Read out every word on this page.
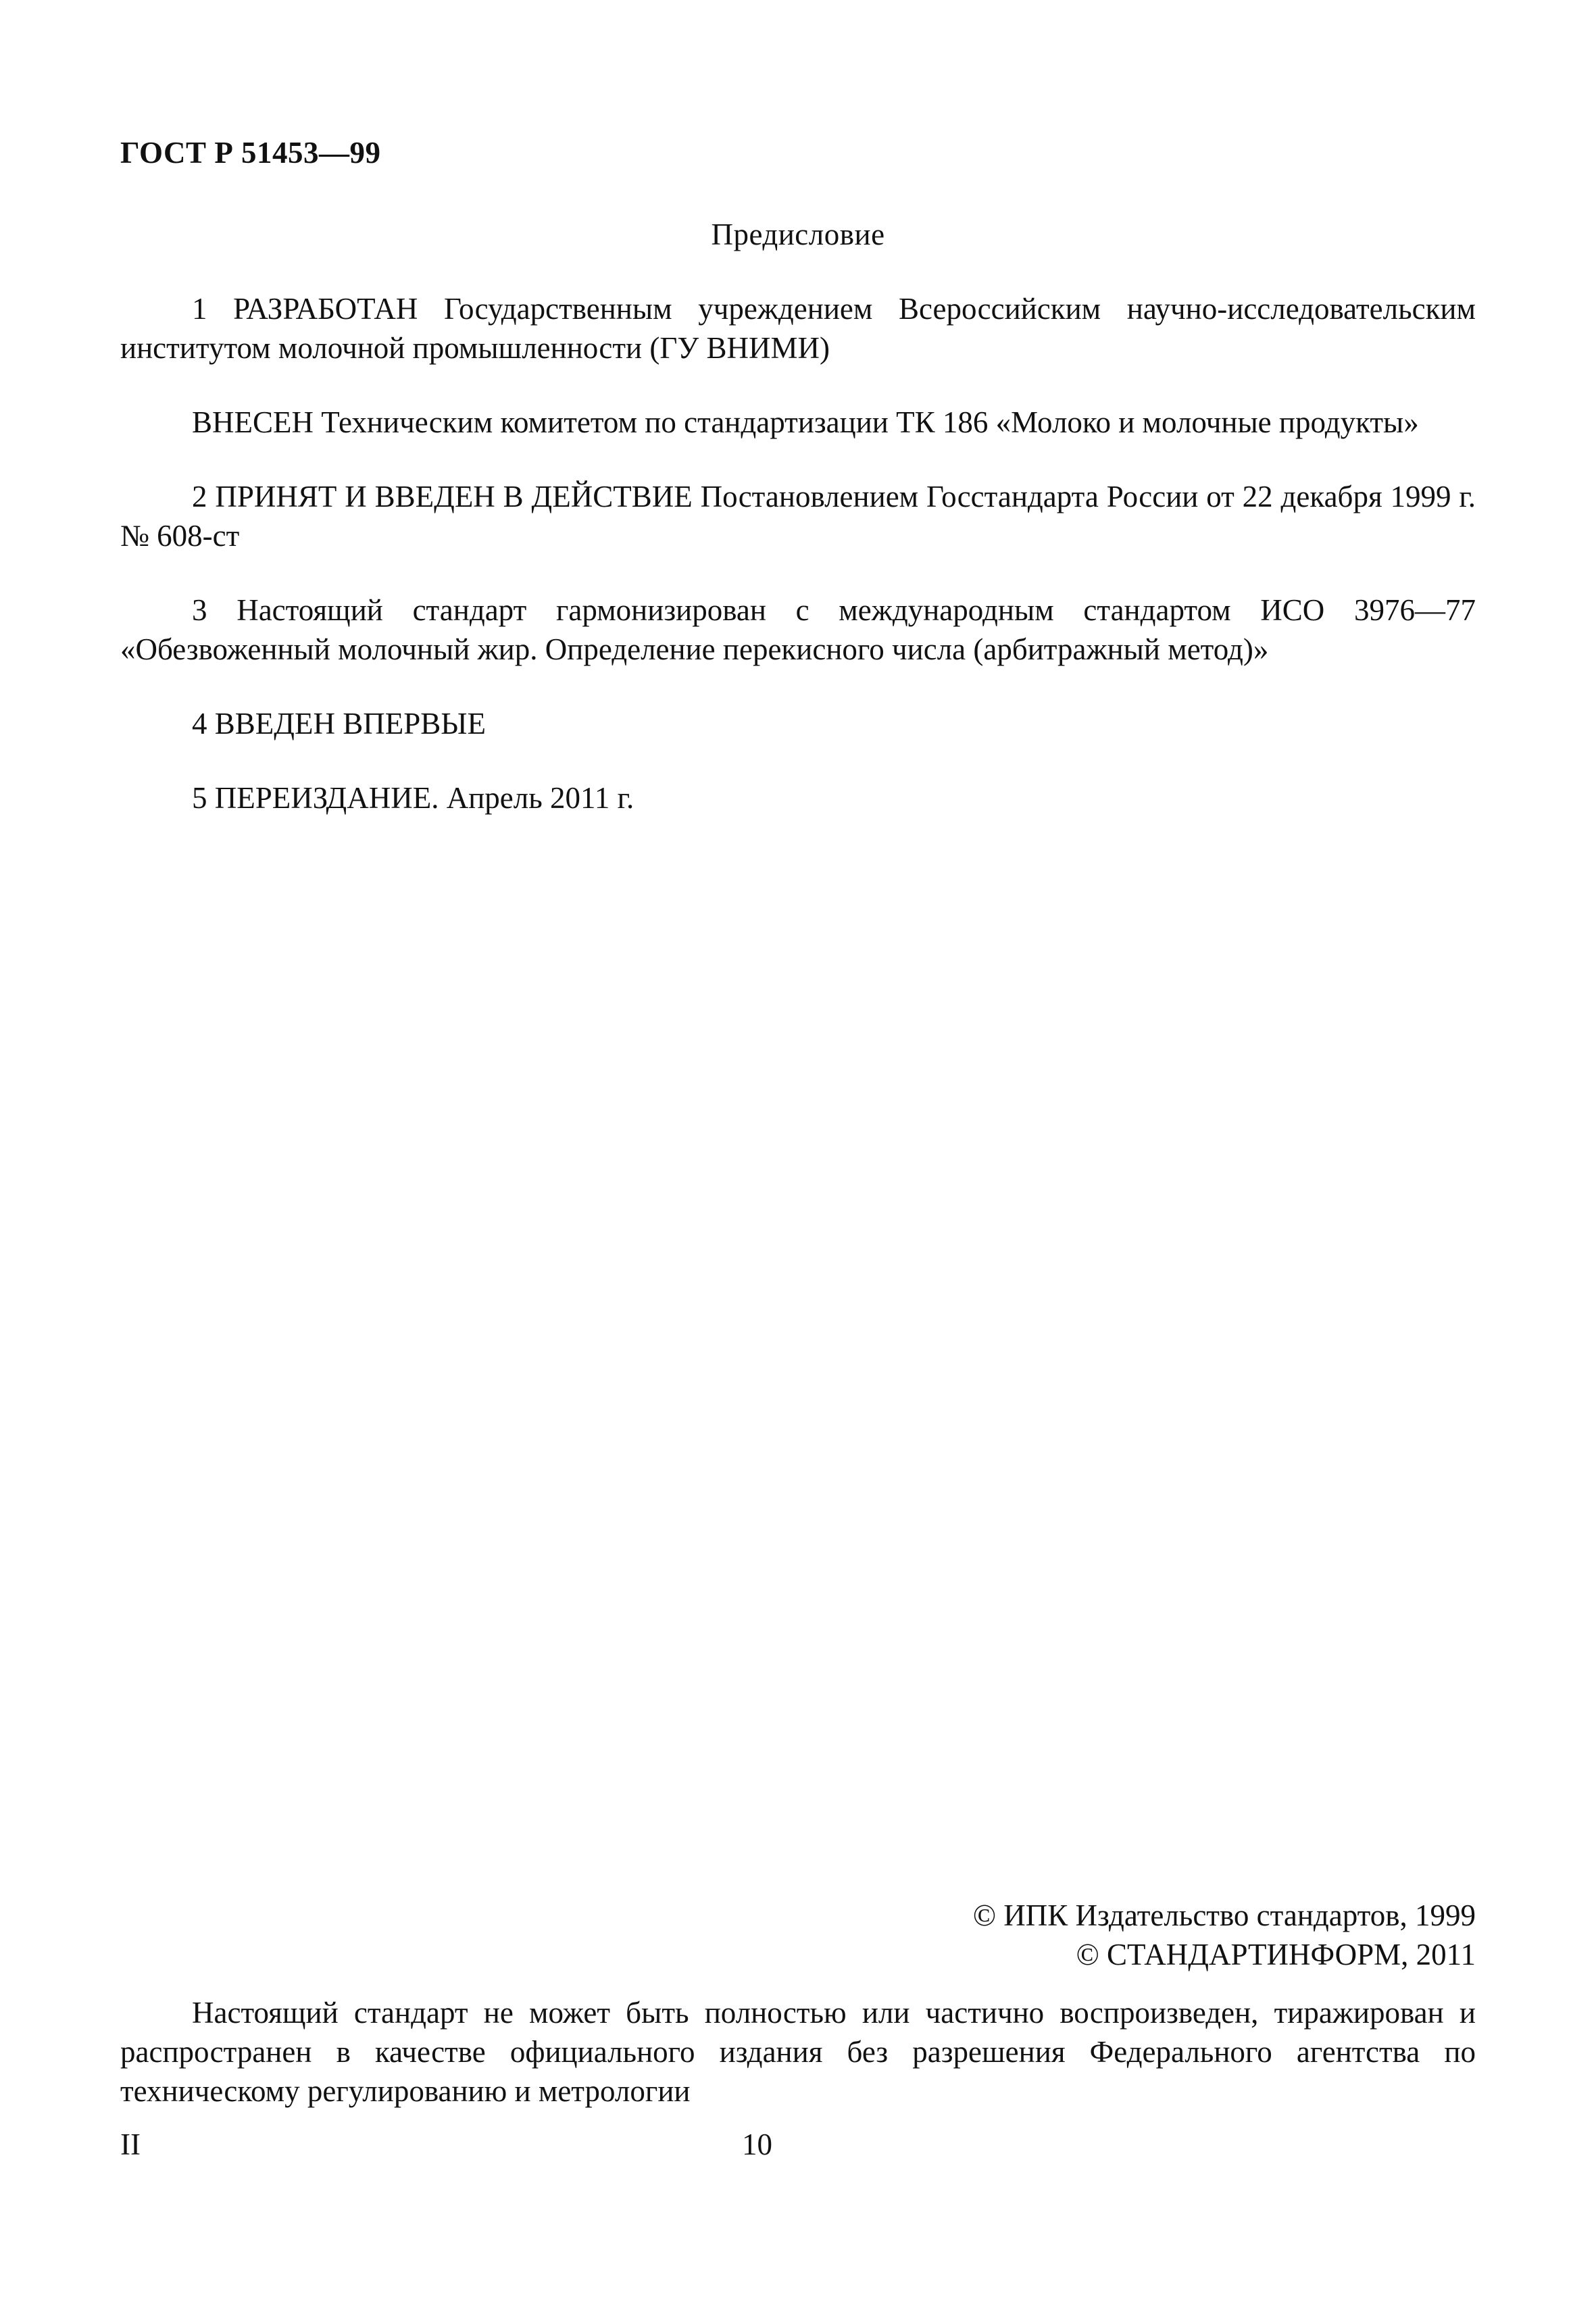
ГОСТ Р 51453—99
Предисловие
1 РАЗРАБОТАН Государственным учреждением Всероссийским научно-исследовательским институтом молочной промышленности (ГУ ВНИМИ)
ВНЕСЕН Техническим комитетом по стандартизации ТК 186 «Молоко и молочные продукты»
2 ПРИНЯТ И ВВЕДЕН В ДЕЙСТВИЕ Постановлением Госстандарта России от 22 декабря 1999 г. № 608-ст
3 Настоящий стандарт гармонизирован с международным стандартом ИСО 3976—77 «Обезвоженный молочный жир. Определение перекисного числа (арбитражный метод)»
4 ВВЕДЕН ВПЕРВЫЕ
5 ПЕРЕИЗДАНИЕ. Апрель 2011 г.
© ИПК Издательство стандартов, 1999
© СТАНДАРТИНФОРМ, 2011
Настоящий стандарт не может быть полностью или частично воспроизведен, тиражирован и распространен в качестве официального издания без разрешения Федерального агентства по техническому регулированию и метрологии
II	10
